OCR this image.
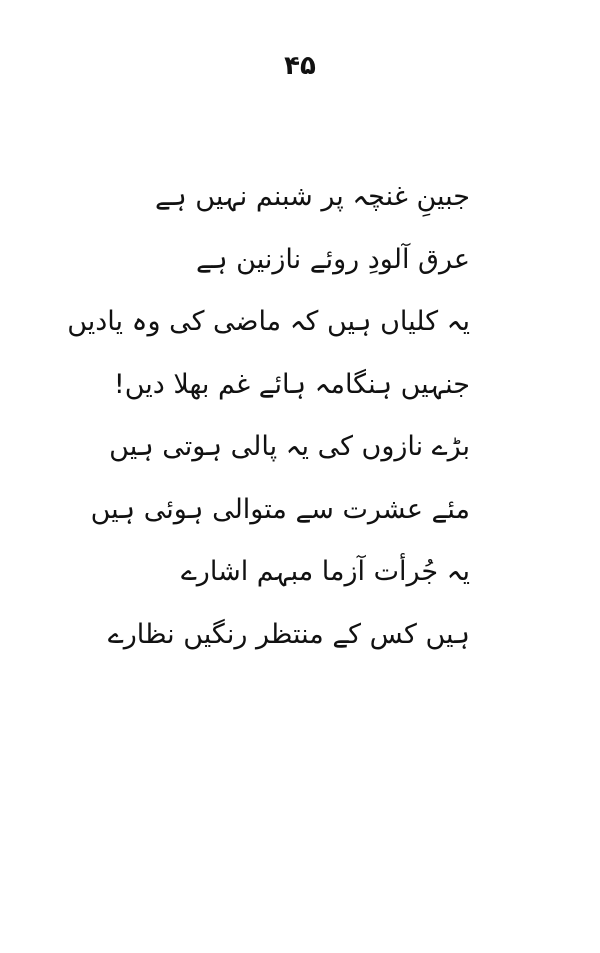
۴۵
جبینِ غنچہ پر شبنم نہیں ہے
عرق آلودِ روئے نازنین ہے
یہ کلیاں ہیں کہ ماضی کی وہ یادیں
جنہیں ہنگامہ ہائے غم بھلا دیں!
بڑے نازوں کی یہ پالی ہوتی ہیں
مئے عشرت سے متوالی ہوئی ہیں
یہ جُرأت آزما مبہم اشارے
ہیں کس کے منتظر رنگیں نظارے
